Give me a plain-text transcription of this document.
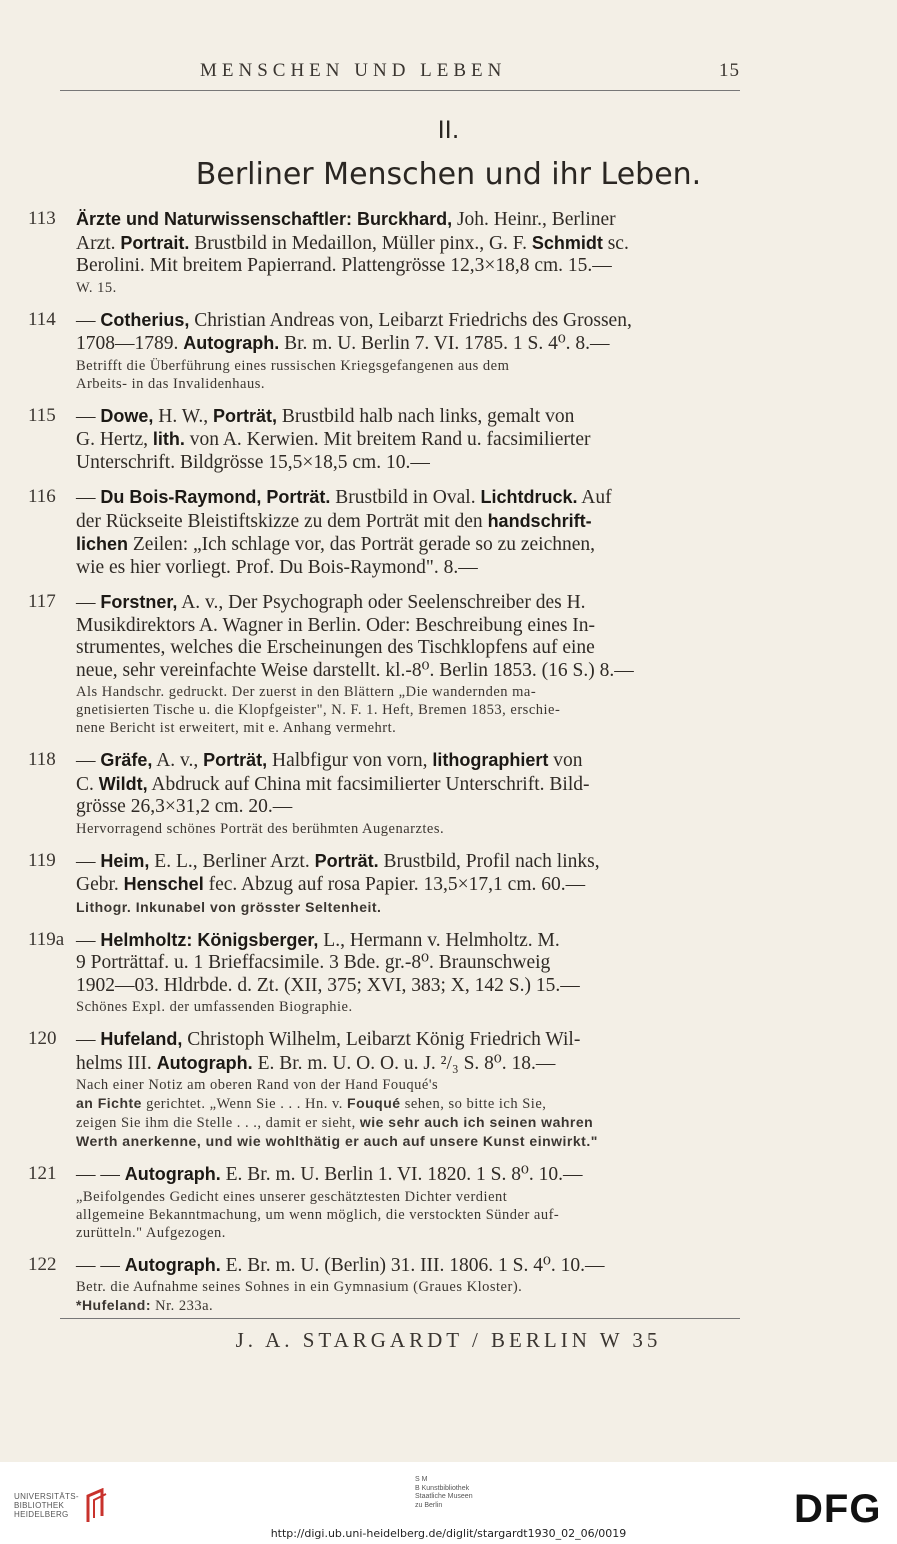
MENSCHEN UND LEBEN	15
II.
Berliner Menschen und ihr Leben.
113	Ärzte und Naturwissenschaftler: Burckhard, Joh. Heinr., Berliner
Arzt. Portrait. Brustbild in Medaillon, Müller pinx., G. F. Schmidt sc.
Berolini. Mit breitem Papierrand. Plattengrösse 12,3×18,8 cm. 15.—
W. 15.
114	— Cotherius, Christian Andreas von, Leibarzt Friedrichs des Grossen,
1708—1789. Autograph. Br. m. U. Berlin 7. VI. 1785. 1 S. 4⁰. 8.—
Betrifft die Überführung eines russischen Kriegsgefangenen aus dem
Arbeits- in das Invalidenhaus.
115	— Dowe, H. W., Porträt, Brustbild halb nach links, gemalt von
G. Hertz, lith. von A. Kerwien. Mit breitem Rand u. facsimilierter
Unterschrift. Bildgrösse 15,5×18,5 cm. 10.—
116	— Du Bois-Raymond, Porträt. Brustbild in Oval. Lichtdruck. Auf
der Rückseite Bleistiftskizze zu dem Porträt mit den handschrift-
lichen Zeilen: „Ich schlage vor, das Porträt gerade so zu zeichnen,
wie es hier vorliegt. Prof. Du Bois-Raymond". 8.—
117	— Forstner, A. v., Der Psychograph oder Seelenschreiber des H.
Musikdirektors A. Wagner in Berlin. Oder: Beschreibung eines In-
strumentes, welches die Erscheinungen des Tischklopfens auf eine
neue, sehr vereinfachte Weise darstellt. kl.-8⁰. Berlin 1853. (16 S.) 8.—
Als Handschr. gedruckt. Der zuerst in den Blättern „Die wandernden ma-
gnetisierten Tische u. die Klopfgeister", N. F. 1. Heft, Bremen 1853, erschie-
nene Bericht ist erweitert, mit e. Anhang vermehrt.
118	— Gräfe, A. v., Porträt, Halbfigur von vorn, lithographiert von
C. Wildt, Abdruck auf China mit facsimilierter Unterschrift. Bild-
grösse 26,3×31,2 cm. 20.—
Hervorragend schönes Porträt des berühmten Augenarztes.
119	— Heim, E. L., Berliner Arzt. Porträt. Brustbild, Profil nach links,
Gebr. Henschel fec. Abzug auf rosa Papier. 13,5×17,1 cm. 60.—
Lithogr. Inkunabel von grösster Seltenheit.
119a — Helmholtz: Königsberger, L., Hermann v. Helmholtz. M.
9 Porträttaf. u. 1 Brieffacsimile. 3 Bde. gr.-8⁰. Braunschweig
1902—03. Hldrbde. d. Zt. (XII, 375; XVI, 383; X, 142 S.) 15.—
Schönes Expl. der umfassenden Biographie.
120	— Hufeland, Christoph Wilhelm, Leibarzt König Friedrich Wil-
helms III. Autograph. E. Br. m. U. O. O. u. J. ²/₃ S. 8⁰. 18.—
Nach einer Notiz am oberen Rand von der Hand Fouqué's
an Fichte gerichtet. „Wenn Sie . . . Hn. v. Fouqué sehen, so bitte ich Sie,
zeigen Sie ihm die Stelle . . ., damit er sieht, wie sehr auch ich seinen wahren
Werth anerkenne, und wie wohlthätig er auch auf unsere Kunst einwirkt."
121	— — Autograph. E. Br. m. U. Berlin 1. VI. 1820. 1 S. 8⁰. 10.—
„Beifolgendes Gedicht eines unserer geschätztesten Dichter verdient
allgemeine Bekanntmachung, um wenn möglich, die verstockten Sünder auf-
zurütteln." Aufgezogen.
122	— — Autograph. E. Br. m. U. (Berlin) 31. III. 1806. 1 S. 4⁰. 10.—
Betr. die Aufnahme seines Sohnes in ein Gymnasium (Graues Kloster).
*Hufeland: Nr. 233a.
J. A. STARGARDT / BERLIN W 35
UNIVERSITÄTS-
BIBLIOTHEK
HEIDELBERG
S M
B Kunstbibliothek
Staatliche Museen
zu Berlin	DFG
http://digi.ub.uni-heidelberg.de/diglit/stargardt1930_02_06/0019
